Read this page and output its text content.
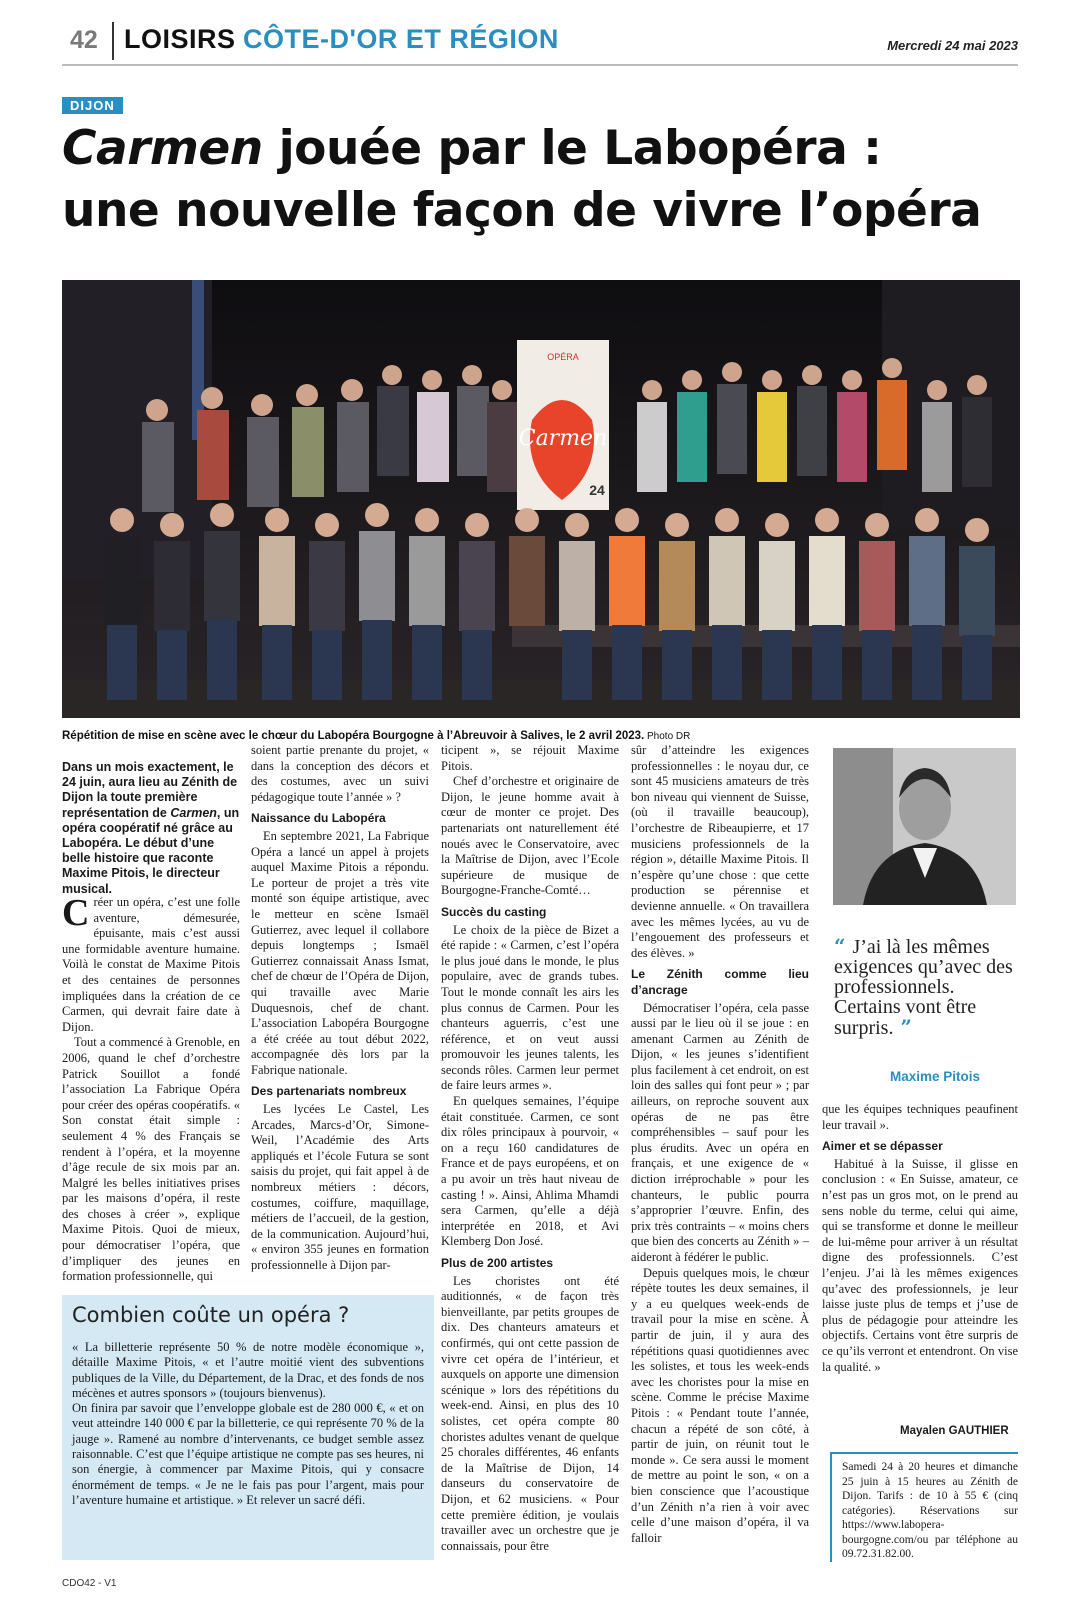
42 LOISIRS CÔTE-D'OR ET RÉGION	Mercredi 24 mai 2023
DIJON
Carmen jouée par le Labopéra :
une nouvelle façon de vivre l’opéra
Carmen
OPÉRA
24
Répétition de mise en scène avec le chœur du Labopéra Bourgogne à l’Abreuvoir à Salives, le 2 avril 2023. Photo DR
Dans un mois exactement, le 24 juin, aura lieu au Zénith de Dijon la toute première représentation de Carmen, un opéra coopératif né grâce au Labopéra. Le début d’une belle histoire que raconte Maxime Pitois, le directeur musical.

Créer un opéra, c’est une folle aventure, démesurée, épuisante, mais c’est aussi une formidable aventure humaine. Voilà le constat de Maxime Pitois et des centaines de personnes impliquées dans la création de ce Carmen, qui devrait faire date à Dijon.

Tout a commencé à Grenoble, en 2006, quand le chef d’orchestre Patrick Souillot a fondé l’association La Fabrique Opéra pour créer des opéras coopératifs. « Son constat était simple : seulement 4 % des Français se rendent à l’opéra, et la moyenne d’âge recule de six mois par an. Malgré les belles initiatives prises par les maisons d’opéra, il reste des choses à créer », explique Maxime Pitois. Quoi de mieux, pour démocratiser l’opéra, que d’impliquer des jeunes en formation professionnelle, qui

soient partie prenante du projet, « dans la conception des décors et des costumes, avec un suivi pédagogique toute l’année » ?

Naissance du Labopéra

En septembre 2021, La Fabrique Opéra a lancé un appel à projets auquel Maxime Pitois a répondu. Le porteur de projet a très vite monté son équipe artistique, avec le metteur en scène Ismaël Gutierrez, avec lequel il collabore depuis longtemps ; Ismaël Gutierrez connaissait Anass Ismat, chef de chœur de l’Opéra de Dijon, qui travaille avec Marie Duquesnois, chef de chant. L’association Labopéra Bourgogne a été créée au tout début 2022, accompagnée dès lors par la Fabrique nationale.

Des partenariats nombreux

Les lycées Le Castel, Les Arcades, Marcs-d’Or, Simone-Weil, l’Académie des Arts appliqués et l’école Futura se sont saisis du projet, qui fait appel à de nombreux métiers : décors, costumes, coiffure, maquillage, métiers de l’accueil, de la gestion, de la communication. Aujourd’hui, « environ 355 jeunes en formation professionnelle à Dijon par-

ticipent », se réjouit Maxime Pitois.

Chef d’orchestre et originaire de Dijon, le jeune homme avait à cœur de monter ce projet. Des partenariats ont naturellement été noués avec le Conservatoire, avec la Maîtrise de Dijon, avec l’Ecole supérieure de musique de Bourgogne-Franche-Comté…

Succès du casting

Le choix de la pièce de Bizet a été rapide : « Carmen, c’est l’opéra le plus joué dans le monde, le plus populaire, avec de grands tubes. Tout le monde connaît les airs les plus connus de Carmen. Pour les chanteurs aguerris, c’est une référence, et on veut aussi promouvoir les jeunes talents, les seconds rôles. Carmen leur permet de faire leurs armes ».

En quelques semaines, l’équipe était constituée. Carmen, ce sont dix rôles principaux à pourvoir, « on a reçu 160 candidatures de France et de pays européens, et on a pu avoir un très haut niveau de casting ! ». Ainsi, Ahlima Mhamdi sera Carmen, qu’elle a déjà interprétée en 2018, et Avi Klemberg Don José.

Plus de 200 artistes

Les choristes ont été auditionnés, « de façon très bienveillante, par petits groupes de dix. Des chanteurs amateurs et confirmés, qui ont cette passion de vivre cet opéra de l’intérieur, et auxquels on apporte une dimension scénique » lors des répétitions du week-end. Ainsi, en plus des 10 solistes, cet opéra compte 80 choristes adultes venant de quelque 25 chorales différentes, 46 enfants de la Maîtrise de Dijon, 14 danseurs du conservatoire de Dijon, et 62 musiciens. « Pour cette première édition, je voulais travailler avec un orchestre que je connaissais, pour être

sûr d’atteindre les exigences professionnelles : le noyau dur, ce sont 45 musiciens amateurs de très bon niveau qui viennent de Suisse, (où il travaille beaucoup), l’orchestre de Ribeaupierre, et 17 musiciens professionnels de la région », détaille Maxime Pitois. Il n’espère qu’une chose : que cette production se pérennise et devienne annuelle. « On travaillera avec les mêmes lycées, au vu de l’engouement des professeurs et des élèves. »

Le Zénith comme lieu d’ancrage

Démocratiser l’opéra, cela passe aussi par le lieu où il se joue : en amenant Carmen au Zénith de Dijon, « les jeunes s’identifient plus facilement à cet endroit, on est loin des salles qui font peur » ; par ailleurs, on reproche souvent aux opéras de ne pas être compréhensibles – sauf pour les plus érudits. Avec un opéra en français, et une exigence de « diction irréprochable » pour les chanteurs, le public pourra s’approprier l’œuvre. Enfin, des prix très contraints – « moins chers que bien des concerts au Zénith » – aideront à fédérer le public.

Depuis quelques mois, le chœur répète toutes les deux semaines, il y a eu quelques week-ends de travail pour la mise en scène. À partir de juin, il y aura des répétitions quasi quotidiennes avec les solistes, et tous les week-ends avec les choristes pour la mise en scène. Comme le précise Maxime Pitois : « Pendant toute l’année, chacun a répété de son côté, à partir de juin, on réunit tout le monde ». Ce sera aussi le moment de mettre au point le son, « on a bien conscience que l’acoustique d’un Zénith n’a rien à voir avec celle d’une maison d’opéra, il va falloir

“ J’ai là les mêmes exigences qu’avec des professionnels. Certains vont être surpris. ”
Maxime Pitois

que les équipes techniques peaufinent leur travail ».

Aimer et se dépasser

Habitué à la Suisse, il glisse en conclusion : « En Suisse, amateur, ce n’est pas un gros mot, on le prend au sens noble du terme, celui qui aime, qui se transforme et donne le meilleur de lui-même pour arriver à un résultat digne des professionnels. C’est l’enjeu. J’ai là les mêmes exigences qu’avec des professionnels, je leur laisse juste plus de temps et j’use de plus de pédagogie pour atteindre les objectifs. Certains vont être surpris de ce qu’ils verront et entendront. On vise la qualité. »

Mayalen GAUTHIER
Samedi 24 à 20 heures et dimanche 25 juin à 15 heures au Zénith de Dijon. Tarifs : de 10 à 55 € (cinq catégories). Réservations sur https://www.labopera-bourgogne.com/ou par téléphone au 09.72.31.82.00.
Combien coûte un opéra ?
« La billetterie représente 50 % de notre modèle économique », détaille Maxime Pitois, « et l’autre moitié vient des subventions publiques de la Ville, du Département, de la Drac, et des fonds de nos mécènes et autres sponsors » (toujours bienvenus).
On finira par savoir que l’enveloppe globale est de 280 000 €, « et on veut atteindre 140 000 € par la billetterie, ce qui représente 70 % de la jauge ». Ramené au nombre d’intervenants, ce budget semble assez raisonnable. C’est que l’équipe artistique ne compte pas ses heures, ni son énergie, à commencer par Maxime Pitois, qui y consacre énormément de temps. « Je ne le fais pas pour l’argent, mais pour l’aventure humaine et artistique. » Et relever un sacré défi.
CDO42 - V1
